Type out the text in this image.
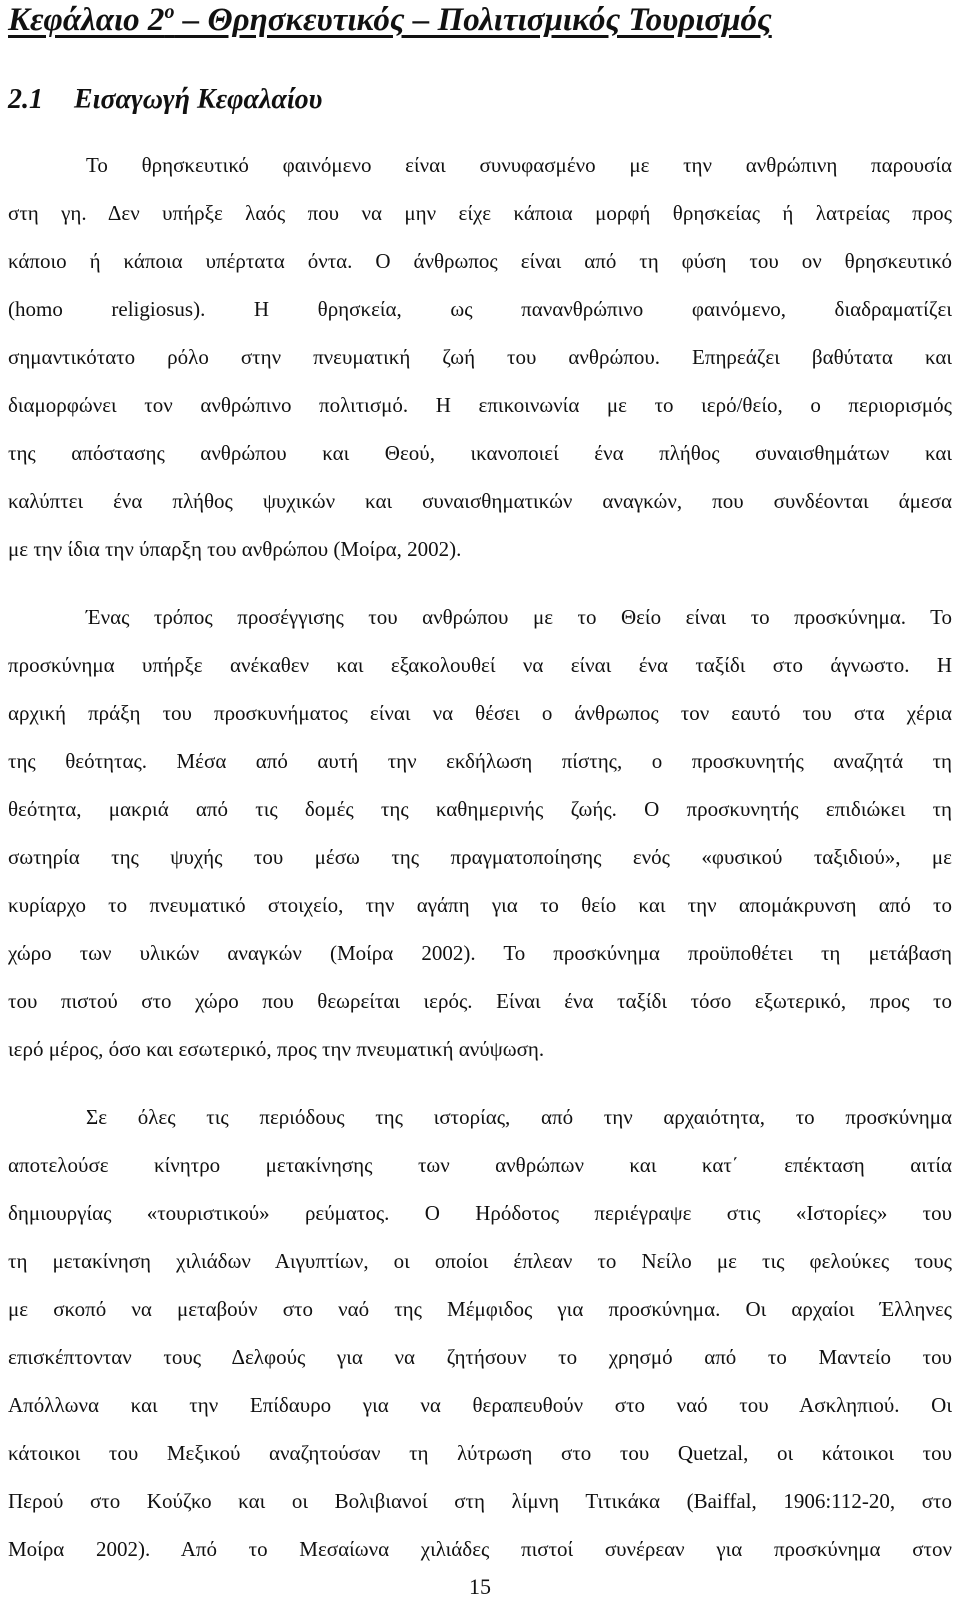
Κεφάλαιο $2^o$ – Θρησκευτικός – Πολιτισμικός Τουρισμός
2.1 Εισαγωγή Κεφαλαίου
Το θρησκευτικό φαινόμενο είναι συνυφασμένο με την ανθρώπινη παρουσία
στη γη. Δεν υπήρξε λαός που να μην είχε κάποια μορφή θρησκείας ή λατρείας προς
κάποιο ή κάποια υπέρτατα όντα. Ο άνθρωπος είναι από τη φύση του ον θρησκευτικό
(homo religiosus). Η θρησκεία, ως πανανθρώπινο φαινόμενο, διαδραματίζει
σημαντικότατο ρόλο στην πνευματική ζωή του ανθρώπου. Επηρεάζει βαθύτατα και
διαμορφώνει τον ανθρώπινο πολιτισμό. Η επικοινωνία με το ιερό/θείο, ο περιορισμός
της απόστασης ανθρώπου και Θεού, ικανοποιεί ένα πλήθος συναισθημάτων και
καλύπτει ένα πλήθος ψυχικών και συναισθηματικών αναγκών, που συνδέονται άμεσα
με την ίδια την ύπαρξη του ανθρώπου (Μοίρα, 2002).
Ένας τρόπος προσέγγισης του ανθρώπου με το Θείο είναι το προσκύνημα. Το
προσκύνημα υπήρξε ανέκαθεν και εξακολουθεί να είναι ένα ταξίδι στο άγνωστο. Η
αρχική πράξη του προσκυνήματος είναι να θέσει ο άνθρωπος τον εαυτό του στα χέρια
της θεότητας. Μέσα από αυτή την εκδήλωση πίστης, ο προσκυνητής αναζητά τη
θεότητα, μακριά από τις δομές της καθημερινής ζωής. Ο προσκυνητής επιδιώκει τη
σωτηρία της ψυχής του μέσω της πραγματοποίησης ενός «φυσικού ταξιδιού», με
κυρίαρχο το πνευματικό στοιχείο, την αγάπη για το θείο και την απομάκρυνση από το
χώρο των υλικών αναγκών (Μοίρα 2002). Το προσκύνημα προϋποθέτει τη μετάβαση
του πιστού στο χώρο που θεωρείται ιερός. Είναι ένα ταξίδι τόσο εξωτερικό, προς το
ιερό μέρος, όσο και εσωτερικό, προς την πνευματική ανύψωση.
Σε όλες τις περιόδους της ιστορίας, από την αρχαιότητα, το προσκύνημα
αποτελούσε κίνητρο μετακίνησης των ανθρώπων και κατ΄ επέκταση αιτία
δημιουργίας «τουριστικού» ρεύματος. Ο Ηρόδοτος περιέγραψε στις «Ιστορίες» του
τη μετακίνηση χιλιάδων Αιγυπτίων, οι οποίοι έπλεαν το Νείλο με τις φελούκες τους
με σκοπό να μεταβούν στο ναό της Μέμφιδος για προσκύνημα. Οι αρχαίοι Έλληνες
επισκέπτονταν τους Δελφούς για να ζητήσουν το χρησμό από το Μαντείο του
Απόλλωνα και την Επίδαυρο για να θεραπευθούν στο ναό του Ασκληπιού. Οι
κάτοικοι του Μεξικού αναζητούσαν τη λύτρωση στο του Quetzal, οι κάτοικοι του
Περού στο Κούζκο και οι Βολιβιανοί στη λίμνη Τιτικάκα (Baiffal, 1906:112-20, στο
Μοίρα 2002). Από το Μεσαίωνα χιλιάδες πιστοί συνέρεαν για προσκύνημα στον

15
